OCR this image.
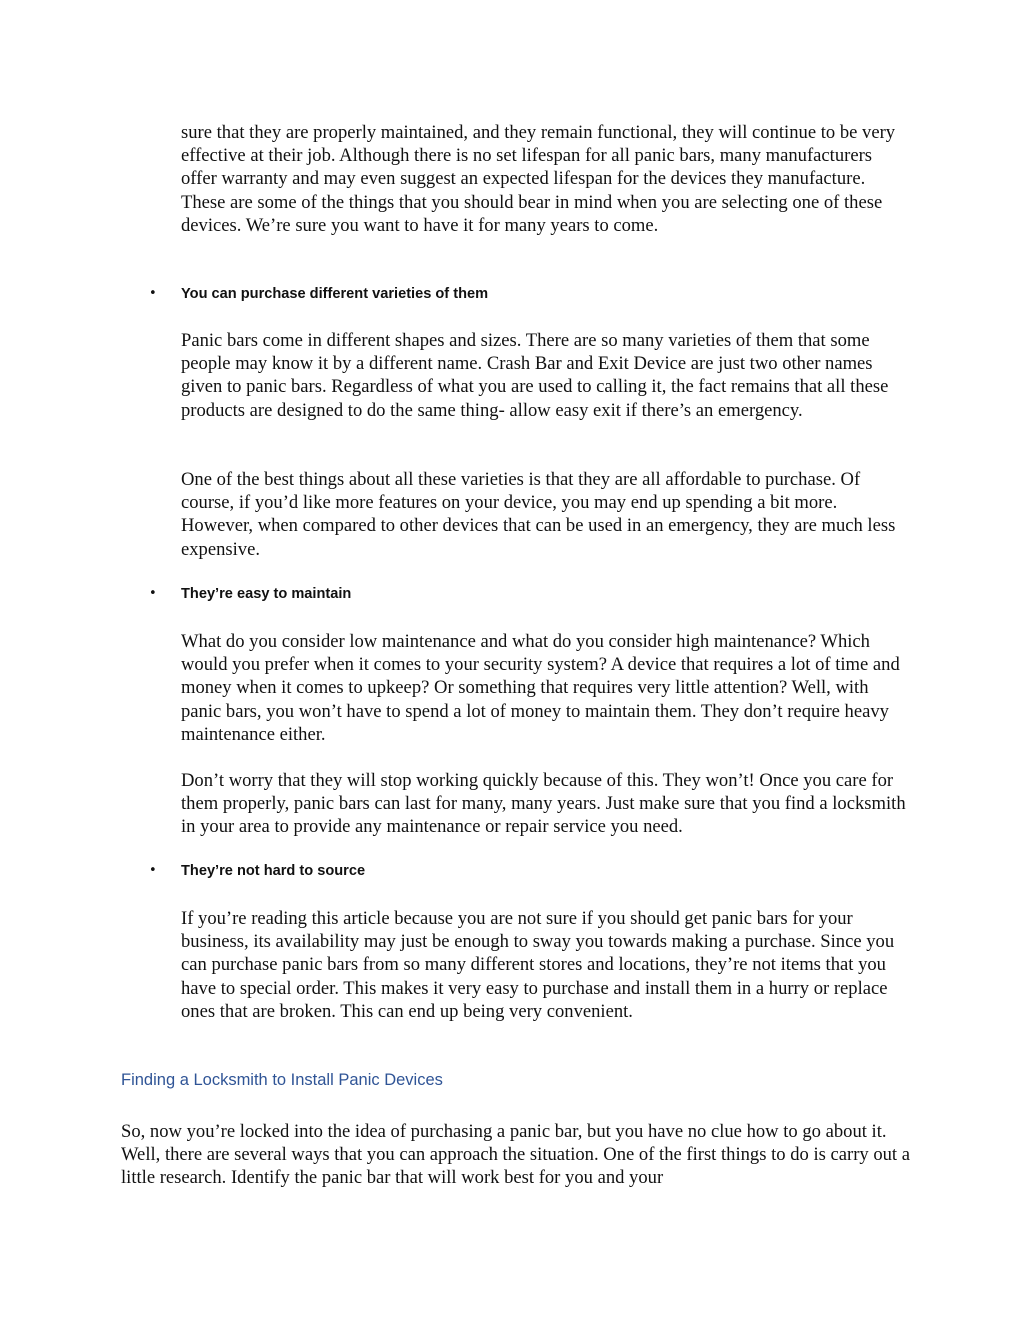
sure that they are properly maintained, and they remain functional, they will continue to be very effective at their job. Although there is no set lifespan for all panic bars, many manufacturers offer warranty and may even suggest an expected lifespan for the devices they manufacture. These are some of the things that you should bear in mind when you are selecting one of these devices. We’re sure you want to have it for many years to come.

• You can purchase different varieties of them

Panic bars come in different shapes and sizes. There are so many varieties of them that some people may know it by a different name. Crash Bar and Exit Device are just two other names given to panic bars. Regardless of what you are used to calling it, the fact remains that all these products are designed to do the same thing- allow easy exit if there’s an emergency.

One of the best things about all these varieties is that they are all affordable to purchase. Of course, if you’d like more features on your device, you may end up spending a bit more. However, when compared to other devices that can be used in an emergency, they are much less expensive.

• They’re easy to maintain

What do you consider low maintenance and what do you consider high maintenance? Which would you prefer when it comes to your security system? A device that requires a lot of time and money when it comes to upkeep? Or something that requires very little attention? Well, with panic bars, you won’t have to spend a lot of money to maintain them. They don’t require heavy maintenance either.

Don’t worry that they will stop working quickly because of this. They won’t! Once you care for them properly, panic bars can last for many, many years. Just make sure that you find a locksmith in your area to provide any maintenance or repair service you need.

• They’re not hard to source

If you’re reading this article because you are not sure if you should get panic bars for your business, its availability may just be enough to sway you towards making a purchase. Since you can purchase panic bars from so many different stores and locations, they’re not items that you have to special order. This makes it very easy to purchase and install them in a hurry or replace ones that are broken. This can end up being very convenient.

Finding a Locksmith to Install Panic Devices

So, now you’re locked into the idea of purchasing a panic bar, but you have no clue how to go about it. Well, there are several ways that you can approach the situation. One of the first things to do is carry out a little research. Identify the panic bar that will work best for you and your
